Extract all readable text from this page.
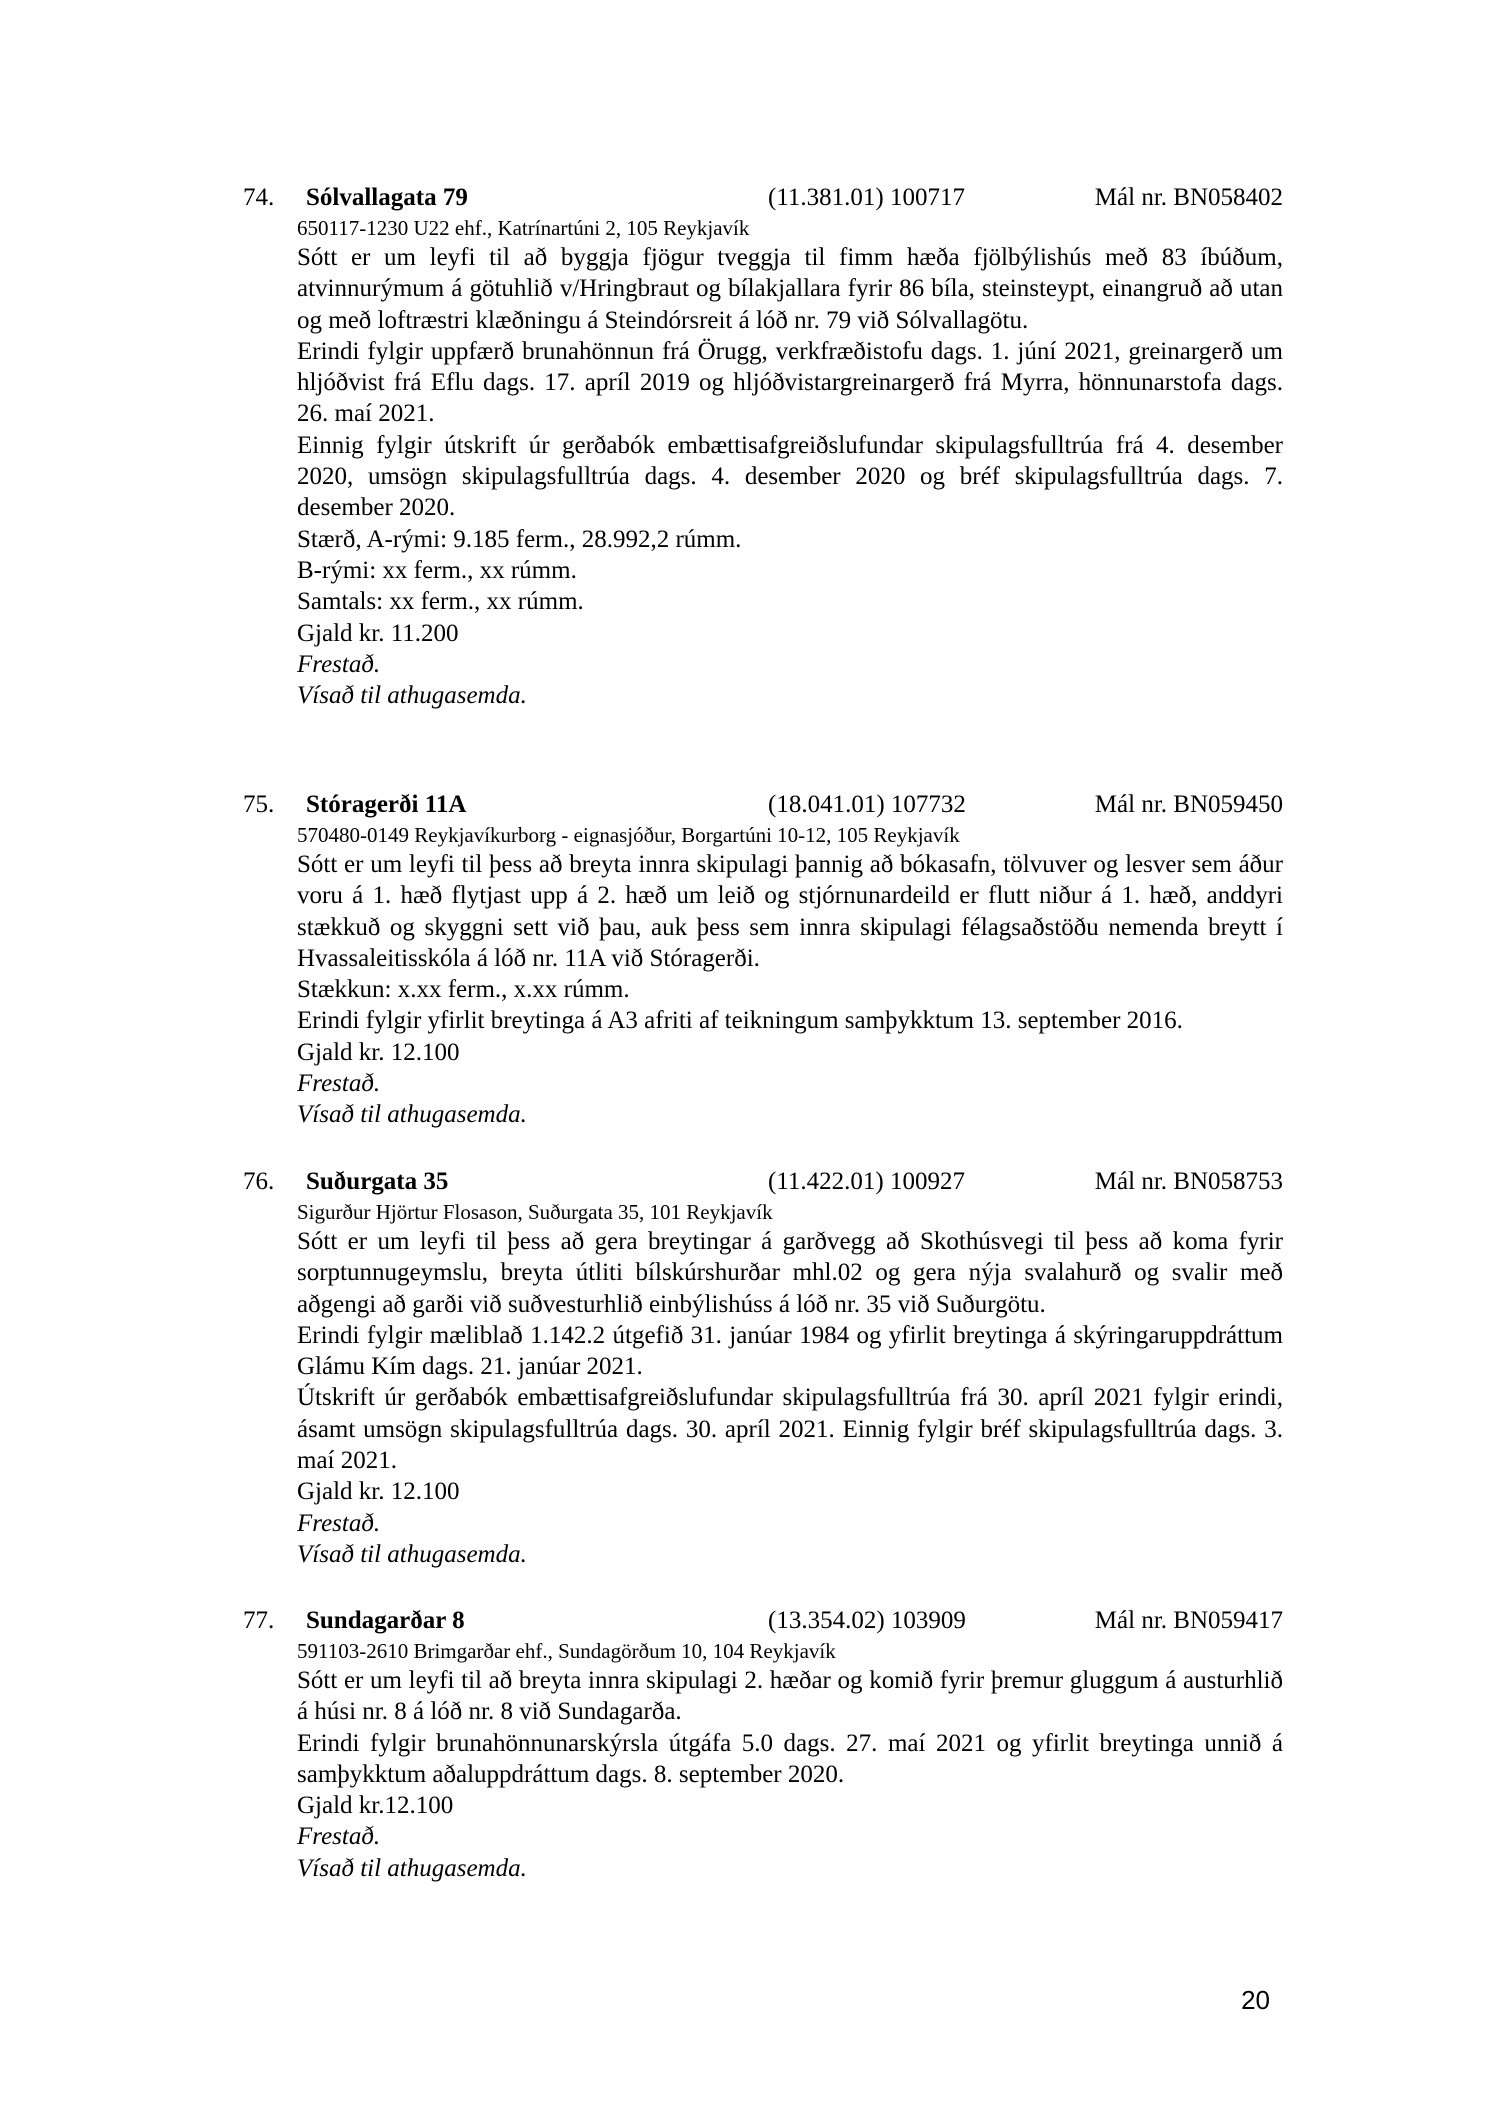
74. Sólvallagata 79	(11.381.01) 100717	Mál nr. BN058402
650117-1230 U22 ehf., Katrínartúni 2, 105 Reykjavík

Sótt er um leyfi til að byggja fjögur tveggja til fimm hæða fjölbýlishús með 83 íbúðum, atvinnurýmum á götuhlið v/Hringbraut og bílakjallara fyrir 86 bíla, steinsteypt, einangruð að utan og með loftræstri klæðningu á Steindórsreit á lóð nr. 79 við Sólvallagötu.

Erindi fylgir uppfærð brunahönnun frá Örugg, verkfræðistofu dags. 1. júní 2021, greinargerð um hljóðvist frá Eflu dags. 17. apríl 2019 og hljóðvistargreinargerð frá Myrra, hönnunarstofa dags. 26. maí 2021.

Einnig fylgir útskrift úr gerðabók embættisafgreiðslufundar skipulagsfulltrúa frá 4. desember 2020, umsögn skipulagsfulltrúa dags. 4. desember 2020 og bréf skipulagsfulltrúa dags. 7. desember 2020.

Stærð, A-rými: 9.185 ferm., 28.992,2 rúmm.

B-rými: xx ferm., xx rúmm.

Samtals: xx ferm., xx rúmm.

Gjald kr. 11.200

Frestað.

Vísað til athugasemda.

75. Stóragerði 11A	(18.041.01) 107732	Mál nr. BN059450
570480-0149 Reykjavíkurborg - eignasjóður, Borgartúni 10-12, 105 Reykjavík

Sótt er um leyfi til þess að breyta innra skipulagi þannig að bókasafn, tölvuver og lesver sem áður voru á 1. hæð flytjast upp á 2. hæð um leið og stjórnunardeild er flutt niður á 1. hæð, anddyri stækkuð og skyggni sett við þau, auk þess sem innra skipulagi félagsaðstöðu nemenda breytt í Hvassaleitisskóla á lóð nr. 11A við Stóragerði.

Stækkun: x.xx ferm., x.xx rúmm.

Erindi fylgir yfirlit breytinga á A3 afriti af teikningum samþykktum 13. september 2016.

Gjald kr. 12.100

Frestað.

Vísað til athugasemda.

76. Suðurgata 35	(11.422.01) 100927	Mál nr. BN058753
Sigurður Hjörtur Flosason, Suðurgata 35, 101 Reykjavík

Sótt er um leyfi til þess að gera breytingar á garðvegg að Skothúsvegi til þess að koma fyrir sorptunnugeymslu, breyta útliti bílskúrshurðar mhl.02 og gera nýja svalahurð og svalir með aðgengi að garði við suðvesturhlið einbýlishúss á lóð nr. 35 við Suðurgötu.

Erindi fylgir mæliblað 1.142.2 útgefið 31. janúar 1984 og yfirlit breytinga á skýringaruppdráttum Glámu Kím dags. 21. janúar 2021.

Útskrift úr gerðabók embættisafgreiðslufundar skipulagsfulltrúa frá 30. apríl 2021 fylgir erindi, ásamt umsögn skipulagsfulltrúa dags. 30. apríl 2021. Einnig fylgir bréf skipulagsfulltrúa dags. 3. maí 2021.

Gjald kr. 12.100

Frestað.

Vísað til athugasemda.

77. Sundagarðar 8	(13.354.02) 103909	Mál nr. BN059417
591103-2610 Brimgarðar ehf., Sundagörðum 10, 104 Reykjavík

Sótt er um leyfi til að breyta innra skipulagi 2. hæðar og komið fyrir þremur gluggum á austurhlið á húsi nr. 8 á lóð nr. 8 við Sundagarða.

Erindi fylgir brunahönnunarskýrsla útgáfa 5.0 dags. 27. maí 2021 og yfirlit breytinga unnið á samþykktum aðaluppdráttum dags. 8. september 2020.

Gjald kr.12.100

Frestað.

Vísað til athugasemda.

20
